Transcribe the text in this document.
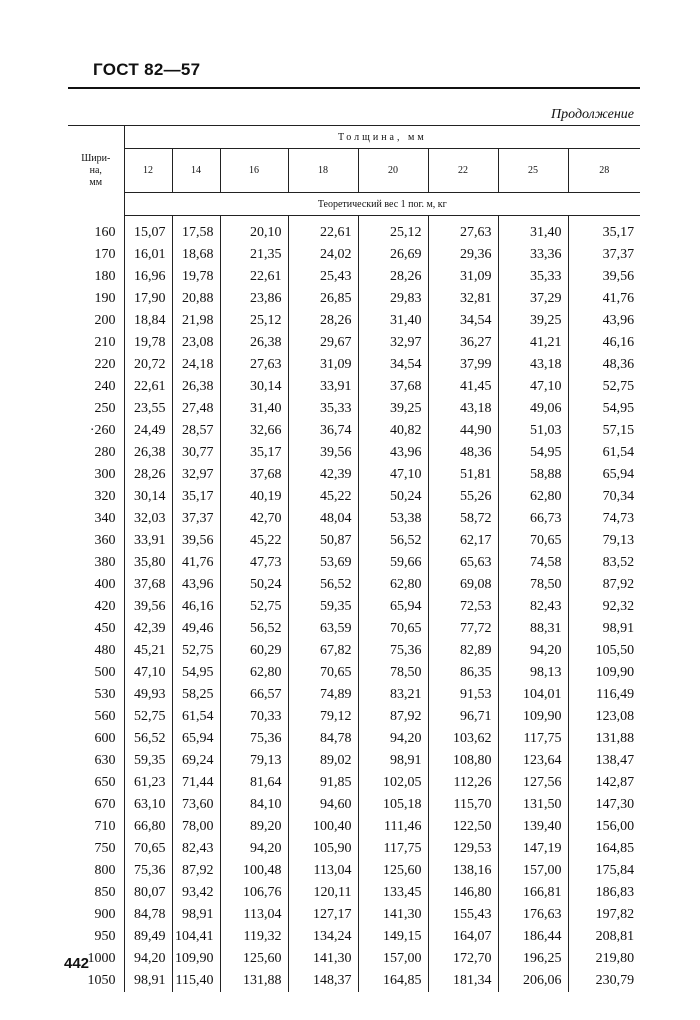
ГОСТ 82—57
Продолжение
Шири-
на,
мм	Толщина, мм							
	12	14	16	18	20	22	25	28
	Теоретический вес 1 пог. м, кг							
160	15,07	17,58	20,10	22,61	25,12	27,63	31,40	35,17
170	16,01	18,68	21,35	24,02	26,69	29,36	33,36	37,37
180	16,96	19,78	22,61	25,43	28,26	31,09	35,33	39,56
190	17,90	20,88	23,86	26,85	29,83	32,81	37,29	41,76
200	18,84	21,98	25,12	28,26	31,40	34,54	39,25	43,96
210	19,78	23,08	26,38	29,67	32,97	36,27	41,21	46,16
220	20,72	24,18	27,63	31,09	34,54	37,99	43,18	48,36
240	22,61	26,38	30,14	33,91	37,68	41,45	47,10	52,75
250	23,55	27,48	31,40	35,33	39,25	43,18	49,06	54,95
·260	24,49	28,57	32,66	36,74	40,82	44,90	51,03	57,15
280	26,38	30,77	35,17	39,56	43,96	48,36	54,95	61,54
300	28,26	32,97	37,68	42,39	47,10	51,81	58,88	65,94
320	30,14	35,17	40,19	45,22	50,24	55,26	62,80	70,34
340	32,03	37,37	42,70	48,04	53,38	58,72	66,73	74,73
360	33,91	39,56	45,22	50,87	56,52	62,17	70,65	79,13
380	35,80	41,76	47,73	53,69	59,66	65,63	74,58	83,52
400	37,68	43,96	50,24	56,52	62,80	69,08	78,50	87,92
420	39,56	46,16	52,75	59,35	65,94	72,53	82,43	92,32
450	42,39	49,46	56,52	63,59	70,65	77,72	88,31	98,91
480	45,21	52,75	60,29	67,82	75,36	82,89	94,20	105,50
500	47,10	54,95	62,80	70,65	78,50	86,35	98,13	109,90
530	49,93	58,25	66,57	74,89	83,21	91,53	104,01	116,49
560	52,75	61,54	70,33	79,12	87,92	96,71	109,90	123,08
600	56,52	65,94	75,36	84,78	94,20	103,62	117,75	131,88
630	59,35	69,24	79,13	89,02	98,91	108,80	123,64	138,47
650	61,23	71,44	81,64	91,85	102,05	112,26	127,56	142,87
670	63,10	73,60	84,10	94,60	105,18	115,70	131,50	147,30
710	66,80	78,00	89,20	100,40	111,46	122,50	139,40	156,00
750	70,65	82,43	94,20	105,90	117,75	129,53	147,19	164,85
800	75,36	87,92	100,48	113,04	125,60	138,16	157,00	175,84
850	80,07	93,42	106,76	120,11	133,45	146,80	166,81	186,83
900	84,78	98,91	113,04	127,17	141,30	155,43	176,63	197,82
950	89,49	104,41	119,32	134,24	149,15	164,07	186,44	208,81
1000	94,20	109,90	125,60	141,30	157,00	172,70	196,25	219,80
1050	98,91	115,40	131,88	148,37	164,85	181,34	206,06	230,79
442
